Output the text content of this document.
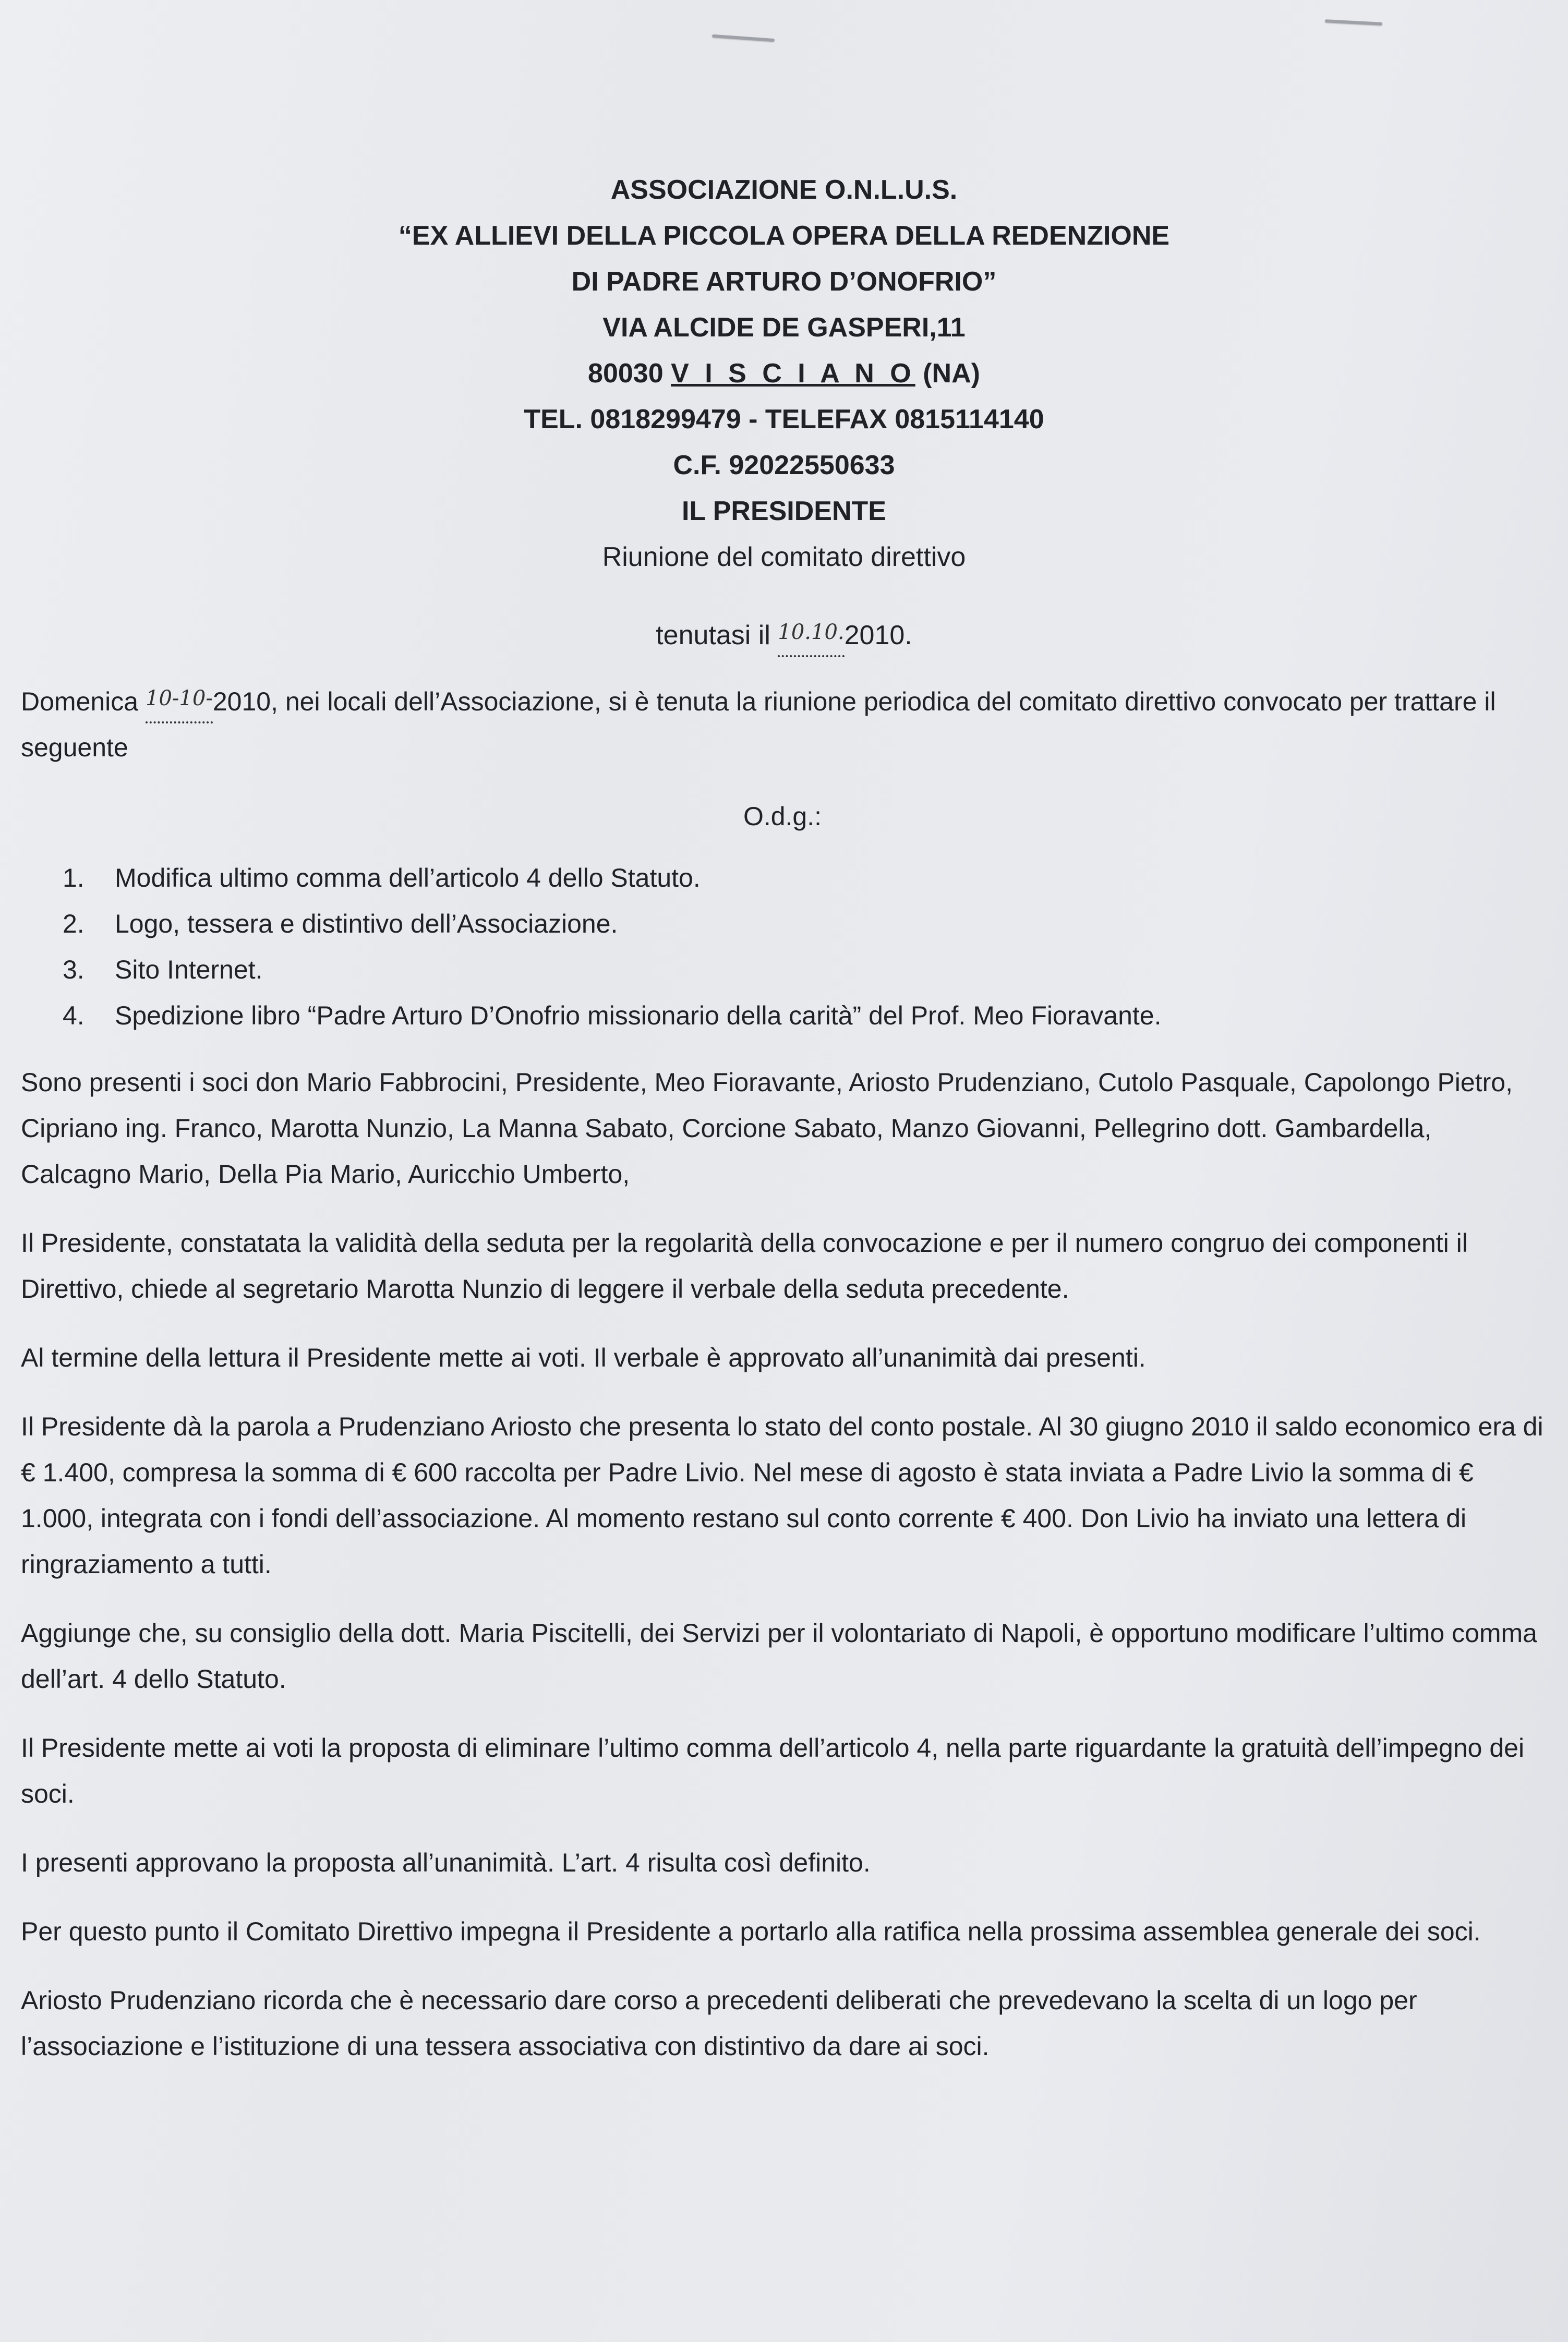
ASSOCIAZIONE O.N.L.U.S.
“EX ALLIEVI DELLA PICCOLA OPERA DELLA REDENZIONE
DI PADRE ARTURO D’ONOFRIO”
VIA ALCIDE DE GASPERI,11
80030 V I S C I A N O (NA)
TEL. 0818299479 - TELEFAX 0815114140
C.F. 92022550633
IL PRESIDENTE
Riunione del comitato direttivo
tenutasi il 10.10.2010.

Domenica 10-10-2010, nei locali dell’Associazione, si è tenuta la riunione periodica del comitato direttivo convocato per trattare il seguente

O.d.g.:

1.	Modifica ultimo comma dell’articolo 4 dello Statuto.
2.	Logo, tessera e distintivo dell’Associazione.
3.	Sito Internet.
4.	Spedizione libro “Padre Arturo D’Onofrio missionario della carità” del Prof. Meo Fioravante.

Sono presenti i soci don Mario Fabbrocini, Presidente, Meo Fioravante, Ariosto Prudenziano, Cutolo Pasquale, Capolongo Pietro, Cipriano ing. Franco, Marotta Nunzio, La Manna Sabato, Corcione Sabato, Manzo Giovanni, Pellegrino dott. Gambardella, Calcagno Mario, Della Pia Mario, Auricchio Umberto,

Il Presidente, constatata la validità della seduta per la regolarità della convocazione e per il numero congruo dei componenti il Direttivo, chiede al segretario Marotta Nunzio di leggere il verbale della seduta precedente.

Al termine della lettura il Presidente mette ai voti. Il verbale è approvato all’unanimità dai presenti.

Il Presidente dà la parola a Prudenziano Ariosto che presenta lo stato del conto postale. Al 30 giugno 2010 il saldo economico era di € 1.400, compresa la somma di € 600 raccolta per Padre Livio. Nel mese di agosto è stata inviata a Padre Livio la somma di € 1.000, integrata con i fondi dell’associazione. Al momento restano sul conto corrente € 400. Don Livio ha inviato una lettera di ringraziamento a tutti.

Aggiunge che, su consiglio della dott. Maria Piscitelli, dei Servizi per il volontariato di Napoli, è opportuno modificare l’ultimo comma dell’art. 4 dello Statuto.

Il Presidente mette ai voti la proposta di eliminare l’ultimo comma dell’articolo 4, nella parte riguardante la gratuità dell’impegno dei soci.

I presenti approvano la proposta all’unanimità. L’art. 4 risulta così definito.

Per questo punto il Comitato Direttivo impegna il Presidente a portarlo alla ratifica nella prossima assemblea generale dei soci.

Ariosto Prudenziano ricorda che è necessario dare corso a precedenti deliberati che prevedevano la scelta di un logo per l’associazione e l’istituzione di una tessera associativa con distintivo da dare ai soci.
